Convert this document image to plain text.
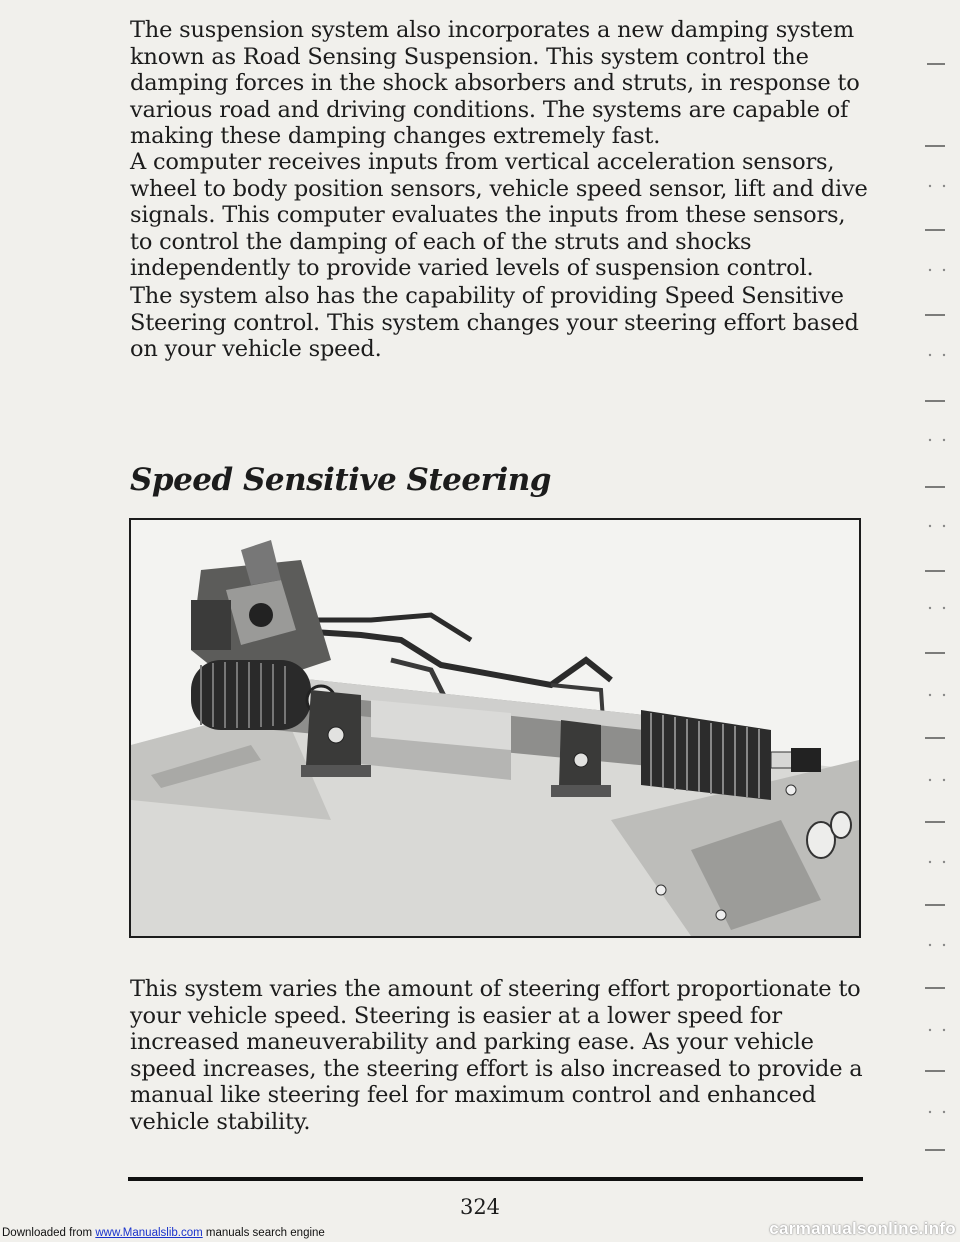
The suspension system also incorporates a new damping system known as Road Sensing Suspension. This system control the damping forces in the shock absorbers and struts, in response to various road and driving conditions. The systems are capable of making these damping changes extremely fast.

A computer receives inputs from vertical acceleration sensors, wheel to body position sensors, vehicle speed sensor, lift and dive signals. This computer evaluates the inputs from these sensors, to control the damping of each of the struts and shocks independently to provide varied levels of suspension control.

The system also has the capability of providing Speed Sensitive Steering control. This system changes your steering effort based on your vehicle speed.

Speed Sensitive Steering

This system varies the amount of steering effort proportionate to your vehicle speed. Steering is easier at a lower speed for increased maneuverability and parking ease. As your vehicle speed increases, the steering effort is also increased to provide a manual like steering feel for maximum control and enhanced vehicle stability.

324
Downloaded from www.Manualslib.com manuals search engine	carmanualsonline.info
